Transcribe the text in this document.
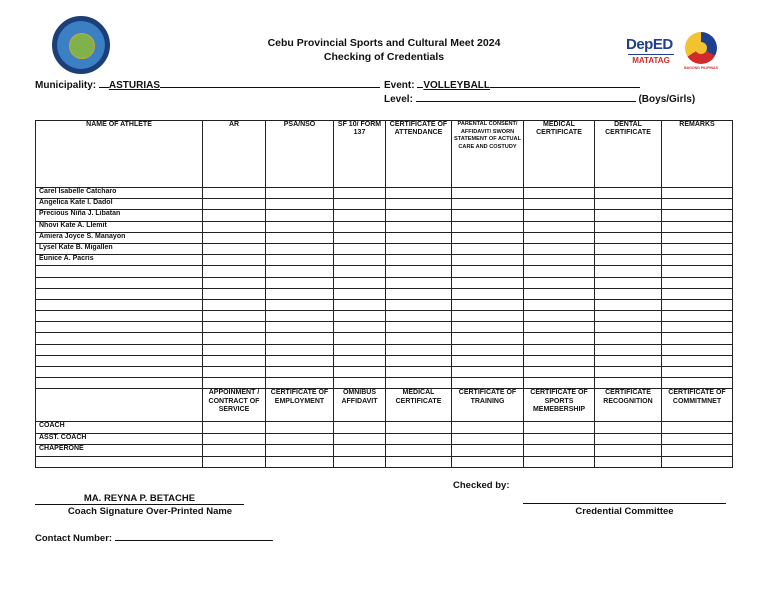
Cebu Provincial Sports and Cultural Meet 2024
Checking of Credentials
DepED
MATATAG
BAGONG PILIPINAS
Municipality: ASTURIAS	Event: VOLLEYBALL
Level:	(Boys/Girls)
NAME OF ATHLETE	AR	PSA/NSO	SF 10/ FORM 137	CERTIFICATE OF ATTENDANCE	PARENTAL CONSENT/ AFFIDAVIT/ SWORN STATEMENT OF ACTUAL CARE AND COSTUDY	MEDICAL CERTIFICATE	DENTAL CERTIFICATE	REMARKS
Carel Isabelle Catcharo								
Angelica Kate I. Dadol								
Precious Niña J. Libatan								
Nhovi Kate A. Llemit								
Amiera Joyce S. Manayon								
Lysel Kate B. Migallen								
Eunice A. Pacris								

	APPOINMENT / CONTRACT OF SERVICE	CERTIFICATE OF EMPLOYMENT	OMNIBUS AFFIDAVIT	MEDICAL CERTIFICATE	CERTIFICATE OF TRAINING	CERTIFICATE OF SPORTS MEMEBERSHIP	CERTIFICATE RECOGNITION	CERTIFICATE OF COMMITMNET
COACH								
ASST. COACH								
CHAPERONE								

Checked by:
MA. REYNA P. BETACHE
Coach Signature Over-Printed Name	Credential Committee
Contact Number:
